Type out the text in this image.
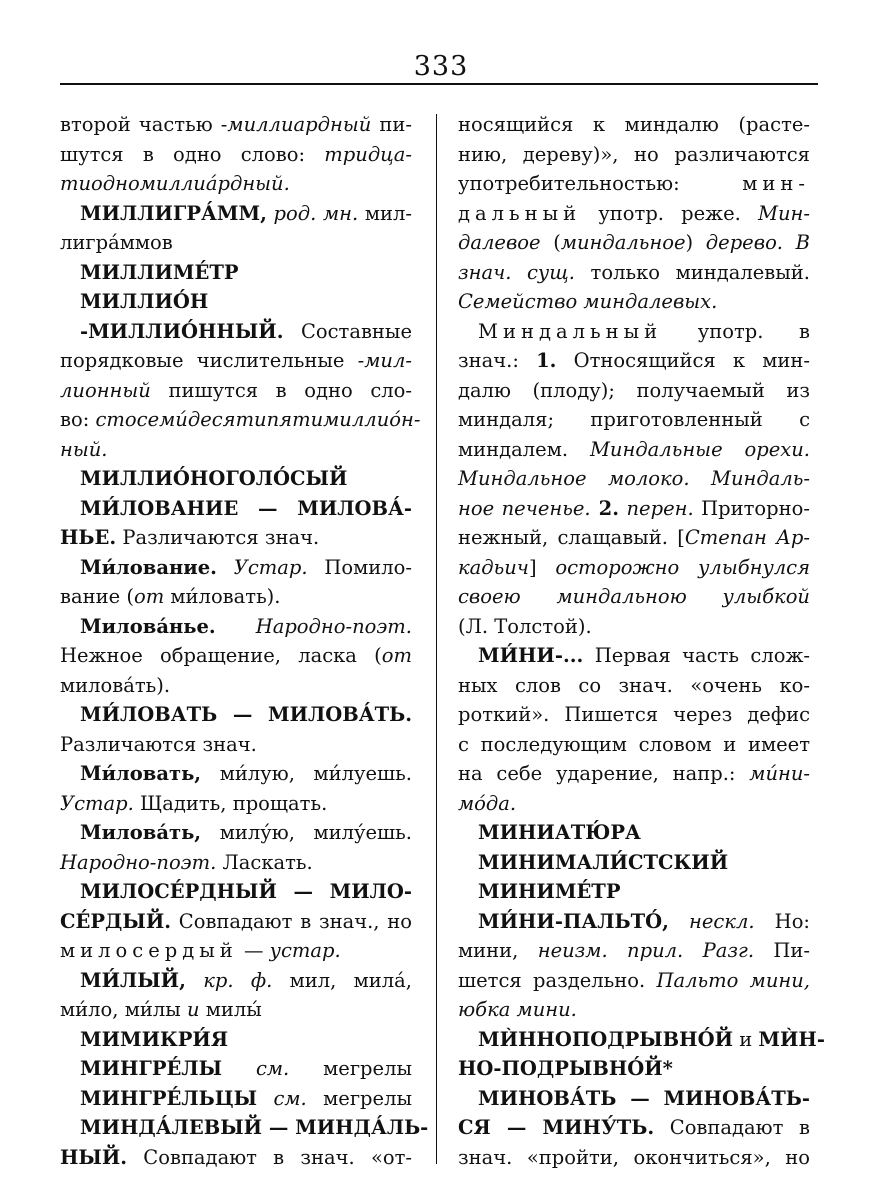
333
второй частью -миллиардный пи-
шутся в одно слово: тридца-
тиодномиллиа́рдный.
МИЛЛИГРА́ММ, род. мн. мил-
лигра́ммов
МИЛЛИМЕ́ТР
МИЛЛИО́Н
-МИЛЛИО́ННЫЙ. Составные
порядковые числительные -мил-
лионный пишутся в одно сло-
во: стосеми́десятипятимиллио́н-
ный.
МИЛЛИО́НОГОЛО́СЫЙ
МИ́ЛОВАНИЕ — МИЛОВА́-
НЬЕ. Различаются знач.
Ми́лование. Устар. Помило-
вание (от ми́ловать).
Милова́нье. Народно-поэт.
Нежное обращение, ласка (от
милова́ть).
МИ́ЛОВАТЬ — МИЛОВА́ТЬ.
Различаются знач.
Ми́ловать, ми́лую, ми́луешь.
Устар. Щадить, прощать.
Милова́ть, милу́ю, милу́ешь.
Народно-поэт. Ласкать.
МИЛОСЕ́РДНЫЙ — МИЛО-
СЕ́РДЫЙ. Совпадают в знач., но
милосердый — устар.
МИ́ЛЫЙ, кр. ф. мил, мила́,
ми́ло, ми́лы и милы́
МИМИКРИ́Я
МИНГРЕ́ЛЫ см. мегрелы
МИНГРЕ́ЛЬЦЫ см. мегрелы
МИНДА́ЛЕВЫЙ — МИНДА́ЛЬ-
НЫЙ. Совпадают в знач. «от-
носящийся к миндалю (расте-
нию, дереву)», но различаются
употребительностью: мин-
дальный употр. реже. Мин-
далевое (миндальное) дерево. В
знач. сущ. только миндалевый.
Семейство миндалевых.
Миндальный употр. в
знач.: 1. Относящийся к мин-
далю (плоду); получаемый из
миндаля; приготовленный с
миндалем. Миндальные орехи.
Миндальное молоко. Миндаль-
ное печенье. 2. перен. Приторно-
нежный, слащавый. [Степан Ар-
кадьич] осторожно улыбнулся
своею миндальною улыбкой
(Л. Толстой).
МИ́НИ-... Первая часть слож-
ных слов со знач. «очень ко-
роткий». Пишется через дефис
с последующим словом и имеет
на себе ударение, напр.: ми́ни-
мо́да.
МИНИАТЮ́РА
МИНИМАЛИ́СТСКИЙ
МИНИМЕ́ТР
МИ́НИ-ПАЛЬТО́, нескл. Но:
мини, неизм. прил. Разг. Пи-
шется раздельно. Пальто мини,
юбка мини.
МЍННОПОДРЫВНО́Й и МЍН-
НО-ПОДРЫВНО́Й*
МИНОВА́ТЬ — МИНОВА́ТЬ-
СЯ — МИНУ́ТЬ. Совпадают в
знач. «пройти, окончиться», но
